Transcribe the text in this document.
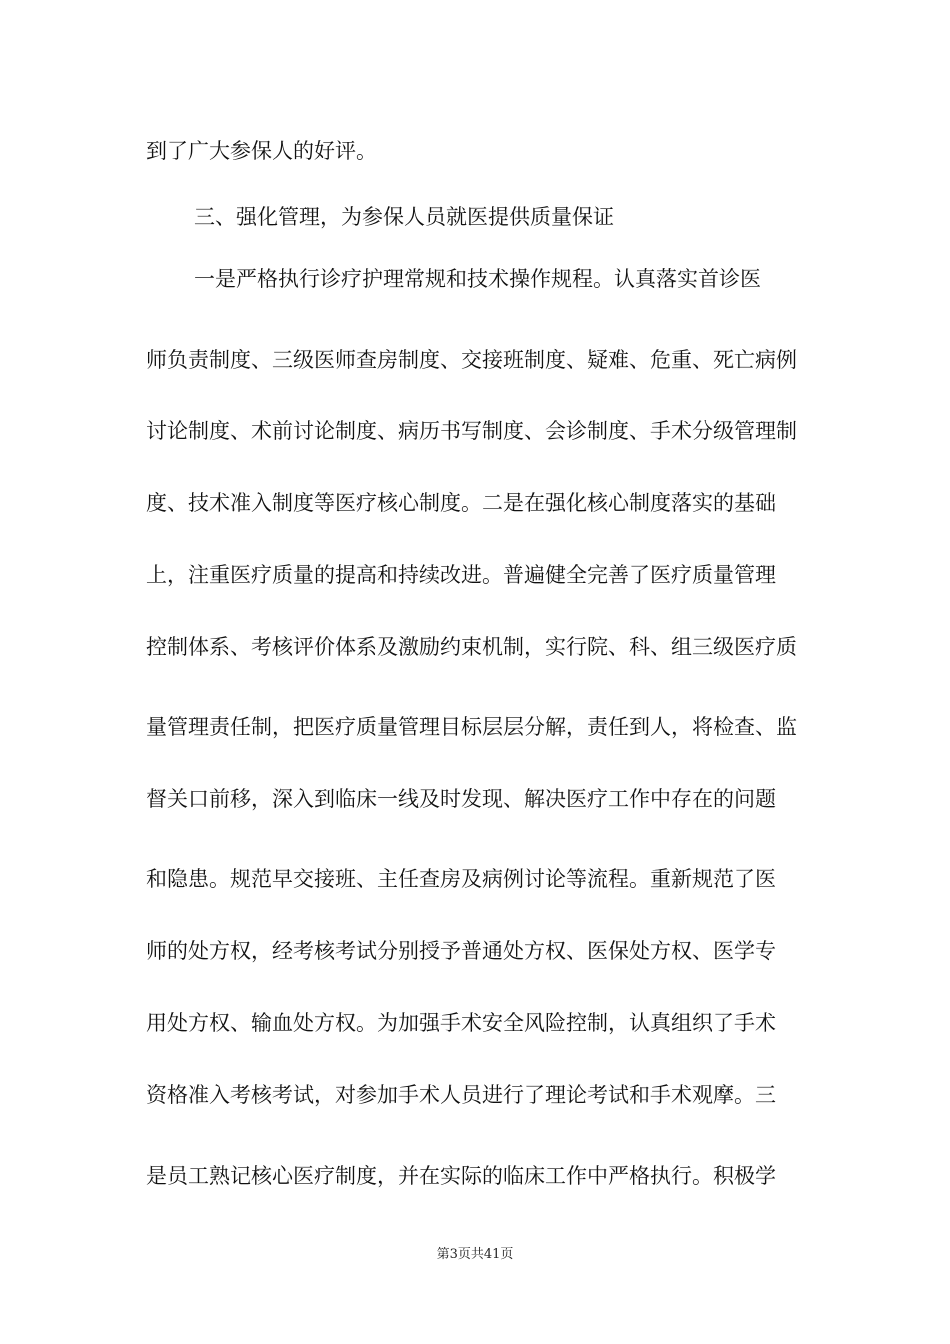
到了广大参保人的好评。
三、强化管理，为参保人员就医提供质量保证
一是严格执行诊疗护理常规和技术操作规程。认真落实首诊医
师负责制度、三级医师查房制度、交接班制度、疑难、危重、死亡病例
讨论制度、术前讨论制度、病历书写制度、会诊制度、手术分级管理制
度、技术准入制度等医疗核心制度。二是在强化核心制度落实的基础
上，注重医疗质量的提高和持续改进。普遍健全完善了医疗质量管理
控制体系、考核评价体系及激励约束机制，实行院、科、组三级医疗质
量管理责任制，把医疗质量管理目标层层分解，责任到人，将检查、监
督关口前移，深入到临床一线及时发现、解决医疗工作中存在的问题
和隐患。规范早交接班、主任查房及病例讨论等流程。重新规范了医
师的处方权，经考核考试分别授予普通处方权、医保处方权、医学专
用处方权、输血处方权。为加强手术安全风险控制，认真组织了手术
资格准入考核考试，对参加手术人员进行了理论考试和手术观摩。三
是员工熟记核心医疗制度，并在实际的临床工作中严格执行。积极学
第3页共41页
